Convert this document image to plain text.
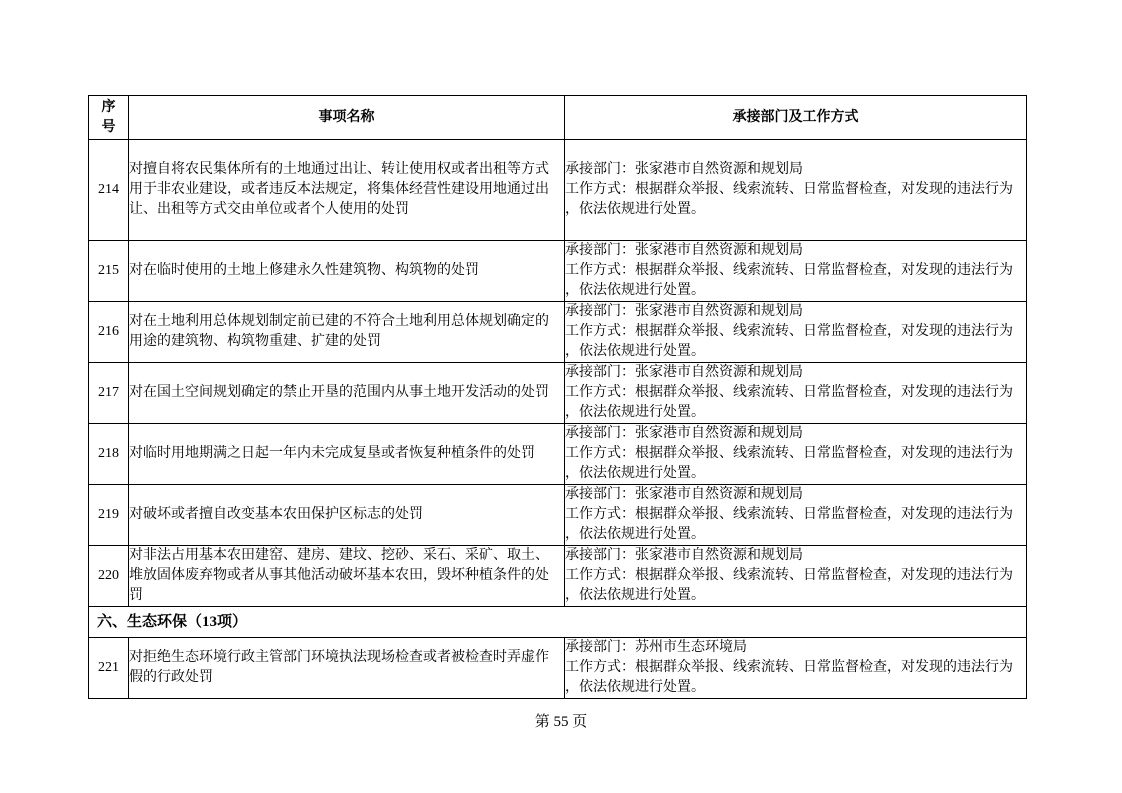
序
号	事项名称	承接部门及工作方式
214	对擅自将农民集体所有的土地通过出让、转让使用权或者出租等方式
用于非农业建设，或者违反本法规定，将集体经营性建设用地通过出
让、出租等方式交由单位或者个人使用的处罚	承接部门：张家港市自然资源和规划局
工作方式：根据群众举报、线索流转、日常监督检查，对发现的违法行为
，依法依规进行处置。

215	对在临时使用的土地上修建永久性建筑物、构筑物的处罚	承接部门：张家港市自然资源和规划局
工作方式：根据群众举报、线索流转、日常监督检查，对发现的违法行为
，依法依规进行处置。

216	对在土地利用总体规划制定前已建的不符合土地利用总体规划确定的
用途的建筑物、构筑物重建、扩建的处罚	承接部门：张家港市自然资源和规划局
工作方式：根据群众举报、线索流转、日常监督检查，对发现的违法行为
，依法依规进行处置。

217	对在国土空间规划确定的禁止开垦的范围内从事土地开发活动的处罚	承接部门：张家港市自然资源和规划局
工作方式：根据群众举报、线索流转、日常监督检查，对发现的违法行为
，依法依规进行处置。

218	对临时用地期满之日起一年内未完成复垦或者恢复种植条件的处罚	承接部门：张家港市自然资源和规划局
工作方式：根据群众举报、线索流转、日常监督检查，对发现的违法行为
，依法依规进行处置。

219	对破坏或者擅自改变基本农田保护区标志的处罚	承接部门：张家港市自然资源和规划局
工作方式：根据群众举报、线索流转、日常监督检查，对发现的违法行为
，依法依规进行处置。

220	对非法占用基本农田建窑、建房、建坟、挖砂、采石、采矿、取土、
堆放固体废弃物或者从事其他活动破坏基本农田，毁坏种植条件的处
罚	承接部门：张家港市自然资源和规划局
工作方式：根据群众举报、线索流转、日常监督检查，对发现的违法行为
，依法依规进行处置。

六、生态环保（13项）		
221	对拒绝生态环境行政主管部门环境执法现场检查或者被检查时弄虚作
假的行政处罚	承接部门：苏州市生态环境局
工作方式：根据群众举报、线索流转、日常监督检查，对发现的违法行为
，依法依规进行处置。
第 55 页
